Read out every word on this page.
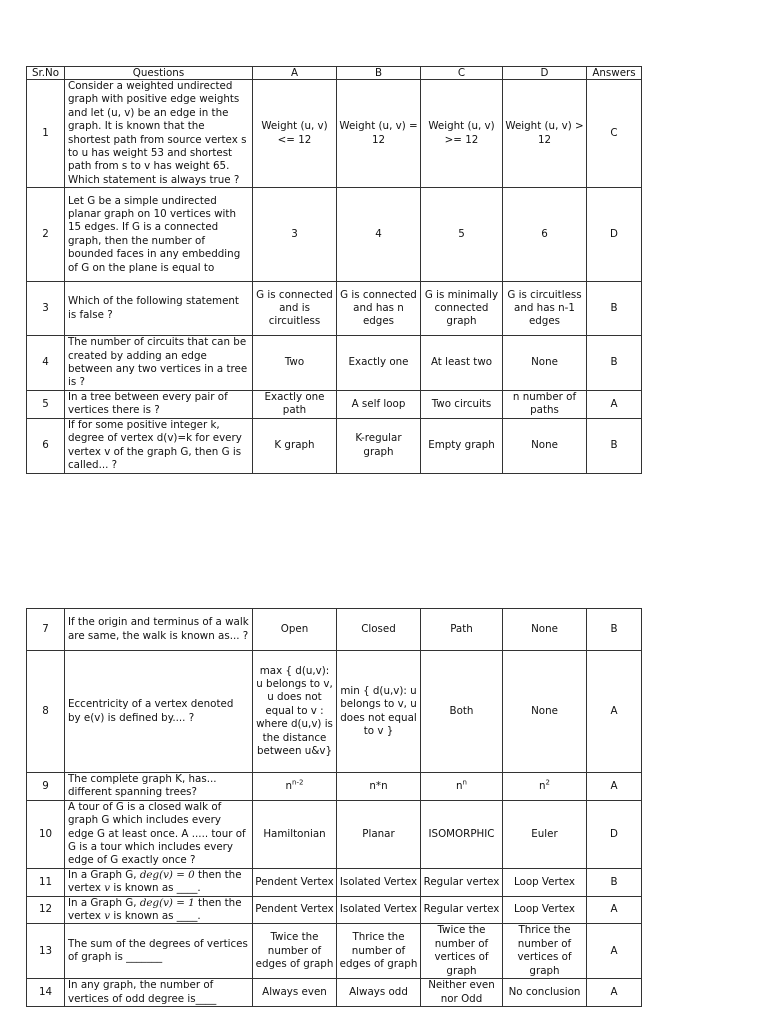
Sr.No	Questions	A	B	C	D	Answers
1	Consider a weighted undirected graph with positive edge weights and let (u, v) be an edge in the graph. It is known that the shortest path from source vertex s to u has weight 53 and shortest path from s to v has weight 65. Which statement is always true ?	Weight (u, v) <= 12	Weight (u, v) = 12	Weight (u, v) >= 12	Weight (u, v) > 12	C
2	Let G be a simple undirected planar graph on 10 vertices with 15 edges. If G is a connected graph, then the number of bounded faces in any embedding of G on the plane is equal to	3	4	5	6	D
3	Which of the following statement is false ?	G is connected and is circuitless	G is connected and has n edges	G is minimally connected graph	G is circuitless and has n-1 edges	B
4	The number of circuits that can be created by adding an edge between any two vertices in a tree is ?	Two	Exactly one	At least two	None	B
5	In a tree between every pair of vertices there is ?	Exactly one path	A self loop	Two circuits	n number of paths	A
6	If for some positive integer k, degree of vertex d(v)=k for every vertex v of the graph G, then G is called... ?	K graph	K-regular graph	Empty graph	None	B
7	If the origin and terminus of a walk are same, the walk is known as... ?	Open	Closed	Path	None	B
8	Eccentricity of a vertex denoted by e(v) is defined by.... ?	max { d(u,v): u belongs to v, u does not equal to v : where d(u,v) is the distance between u&v}	min { d(u,v): u belongs to v, u does not equal to v }	Both	None	A
9	The complete graph K, has... different spanning trees?	$n^{n-2}$	n*n	$n^n$	$n^2$	A
10	A tour of G is a closed walk of graph G which includes every edge G at least once. A ..... tour of G is a tour which includes every edge of G exactly once ?	Hamiltonian	Planar	ISOMORPHIC	Euler	D
11	In a Graph G, deg(v) = 0 then the vertex v is known as ____.	Pendent Vertex	Isolated Vertex	Regular vertex	Loop Vertex	B
12	In a Graph G, deg(v) = 1 then the vertex v is known as ____.	Pendent Vertex	Isolated Vertex	Regular vertex	Loop Vertex	A
13	The sum of the degrees of vertices of graph is _______	Twice the number of edges of graph	Thrice the number of edges of graph	Twice the number of vertices of graph	Thrice the number of vertices of graph	A
14	In any graph, the number of vertices of odd degree is____	Always even	Always odd	Neither even nor Odd	No conclusion	A
